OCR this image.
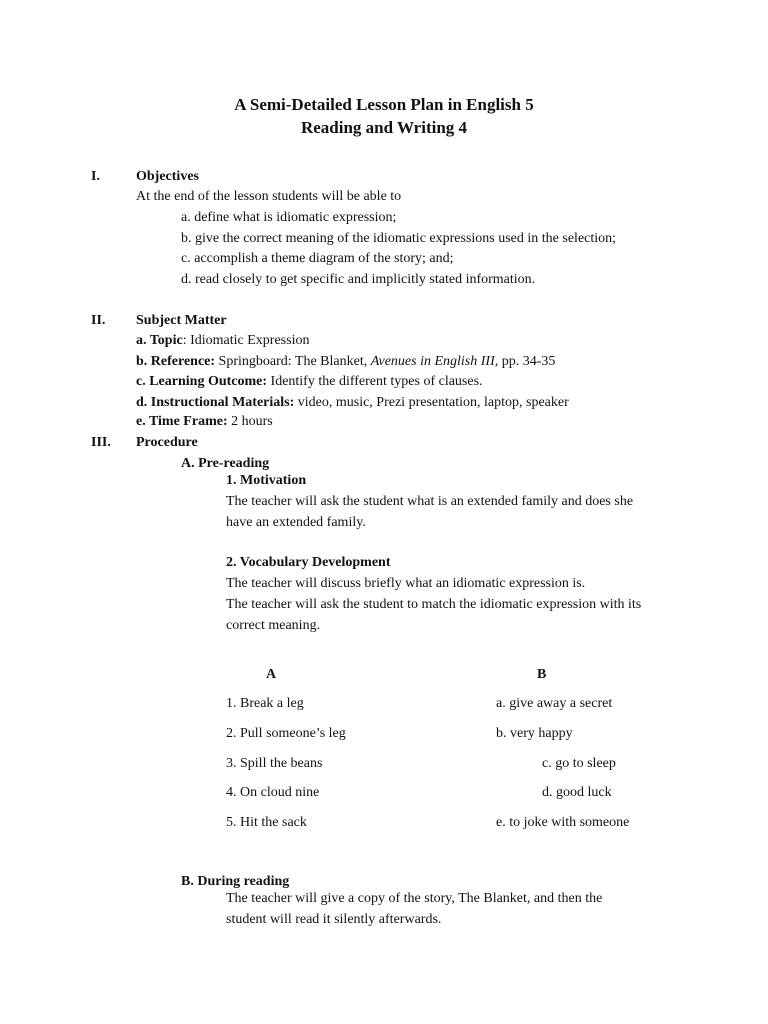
A Semi-Detailed Lesson Plan in English 5
Reading and Writing 4
I.	Objectives
At the end of the lesson students will be able to
a. define what is idiomatic expression;
b. give the correct meaning of the idiomatic expressions used in the selection;
c. accomplish a theme diagram of the story; and;
d. read closely to get specific and implicitly stated information.
II. Subject Matter
a. Topic: Idiomatic Expression
b. Reference: Springboard: The Blanket, Avenues in English III, pp. 34-35
c. Learning Outcome: Identify the different types of clauses.
d. Instructional Materials: video, music, Prezi presentation, laptop, speaker
e. Time Frame: 2 hours
III. Procedure
A. Pre-reading
1. Motivation
The teacher will ask the student what is an extended family and does she
have an extended family.
2. Vocabulary Development
The teacher will discuss briefly what an idiomatic expression is.
The teacher will ask the student to match the idiomatic expression with its
correct meaning.
A	B
1. Break a leg
2. Pull someone’s leg
3. Spill the beans
4. On cloud nine
5. Hit the sack
a. give away a secret
b. very happy
c. go to sleep
d. good luck
e. to joke with someone
B. During reading
The teacher will give a copy of the story, The Blanket, and then the
student will read it silently afterwards.
